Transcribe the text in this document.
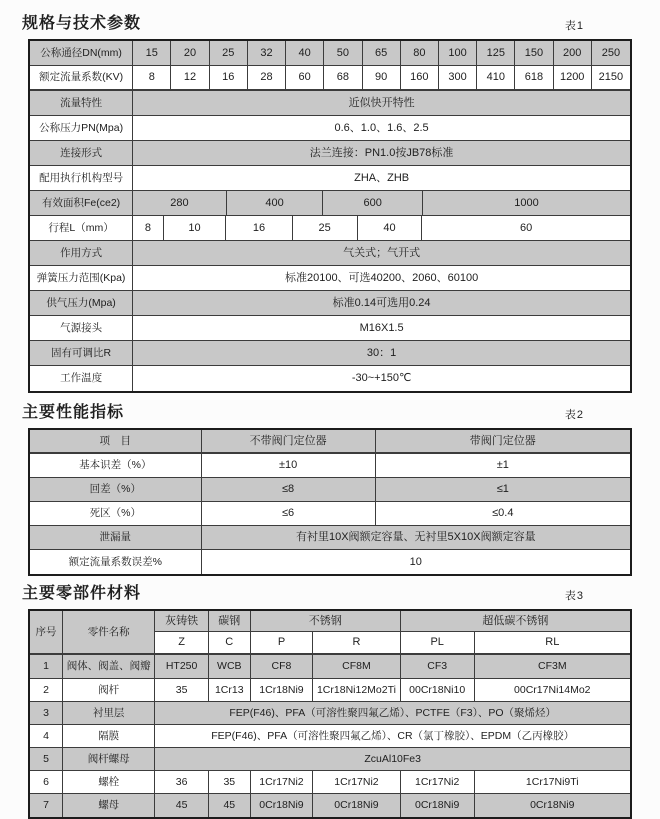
规格与技术参数	表1
公称通径DN(mm)	15	20	25	32	40	50	65	80	100	125	150	200	250
额定流量系数(KV)	8	12	16	28	60	68	90	160	300	410	618	1200	2150
流量特性	近似快开特性
公称压力PN(Mpa)	0.6、1.0、1.6、2.5
连接形式	法兰连接：PN1.0按JB78标准
配用执行机构型号	ZHA、ZHB
有效面积Fe(ce2)	280	400	600	1000
行程L（mm）	8	10	16	25	40	60
作用方式	气关式；气开式
弹簧压力范围(Kpa)	标准20100、可选40200、2060、60100
供气压力(Mpa)	标准0.14可选用0.24
气源接头	M16X1.5
固有可调比R	30：1
工作温度	-30~+150℃
主要性能指标	表2
项　目	不带阀门定位器	带阀门定位器
基本识差（%）	±10	±1
回差（%）	≤8	≤1
死区（%）	≤6	≤0.4
泄漏量	有衬里10X阀额定容量、无衬里5X10X阀额定容量
额定流量系数误差%	10
主要零部件材料	表3
序号	零件名称
灰铸铁	碳钢	不锈钢	超低碳不锈钢
Z	C	P	R	PL	RL
1	阀体、阀盖、阀瓣	HT250	WCB	CF8	CF8M	CF3	CF3M
2	阀杆	35	1Cr13	1Cr18Ni9	1Cr18Ni12Mo2Ti	00Cr18Ni10	00Cr17Ni14Mo2
3	衬里层	FEP(F46)、PFA（可溶性聚四氟乙烯）、PCTFE（F3）、PO（聚烯烃）
4	隔膜	FEP(F46)、PFA（可溶性聚四氟乙烯）、CR（氯丁橡胶）、EPDM（乙丙橡胶）
5	阀杆螺母	ZcuAl10Fe3
6	螺栓	36	35	1Cr17Ni2	1Cr17Ni2	1Cr17Ni2	1Cr17Ni9Ti
7	螺母	45	45	0Cr18Ni9	0Cr18Ni9	0Cr18Ni9	0Cr18Ni9
